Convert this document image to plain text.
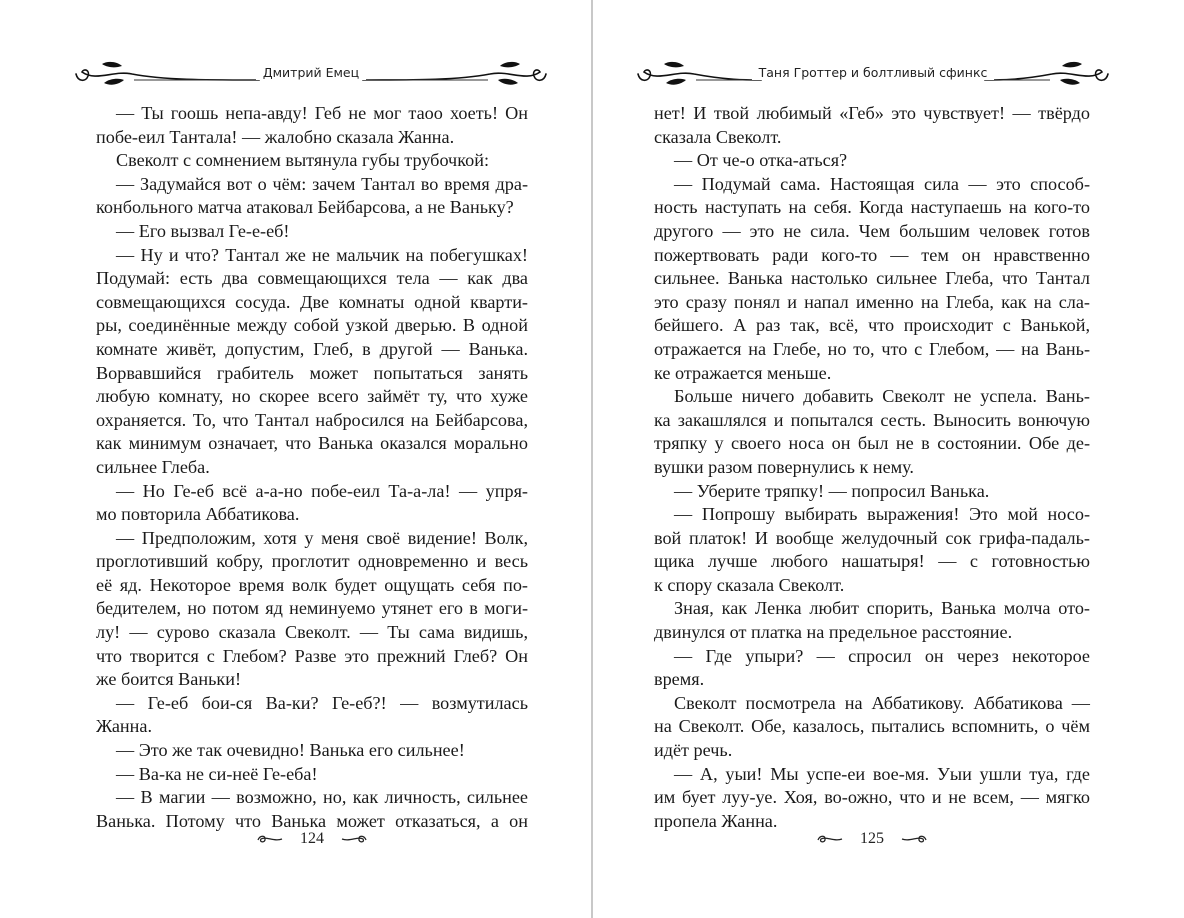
Дмитрий Емец
— Ты гоошь непа-авду! Геб не мог таоо хоеть! Он
побе-еил Тантала! — жалобно сказала Жанна.
Свеколт с сомнением вытянула губы трубочкой:
— Задумайся вот о чём: зачем Тантал во время дра-
конбольного матча атаковал Бейбарсова, а не Ваньку?
— Его вызвал Ге-е-еб!
— Ну и что? Тантал же не мальчик на побегушках!
Подумай: есть два совмещающихся тела — как два
совмещающихся сосуда. Две комнаты одной кварти-
ры, соединённые между собой узкой дверью. В одной
комнате живёт, допустим, Глеб, в другой — Ванька.
Ворвавшийся грабитель может попытаться занять
любую комнату, но скорее всего займёт ту, что хуже
охраняется. То, что Тантал набросился на Бейбарсова,
как минимум означает, что Ванька оказался морально
сильнее Глеба.
— Но Ге-еб всё а-а-но побе-еил Та-а-ла! — упря-
мо повторила Аббатикова.
— Предположим, хотя у меня своё видение! Волк,
проглотивший кобру, проглотит одновременно и весь
её яд. Некоторое время волк будет ощущать себя по-
бедителем, но потом яд неминуемо утянет его в моги-
лу! — сурово сказала Свеколт. — Ты сама видишь,
что творится с Глебом? Разве это прежний Глеб? Он
же боится Ваньки!
— Ге-еб бои-ся Ва-ки? Ге-еб?! — возмутилась
Жанна.
— Это же так очевидно! Ванька его сильнее!
— Ва-ка не си-неё Ге-еба!
— В магии — возможно, но, как личность, сильнее
Ванька. Потому что Ванька может отказаться, а он
124
Таня Гроттер и болтливый сфинкс
нет! И твой любимый «Геб» это чувствует! — твёрдо
сказала Свеколт.
— От че-о отка-аться?
— Подумай сама. Настоящая сила — это способ-
ность наступать на себя. Когда наступаешь на кого-то
другого — это не сила. Чем большим человек готов
пожертвовать ради кого-то — тем он нравственно
сильнее. Ванька настолько сильнее Глеба, что Тантал
это сразу понял и напал именно на Глеба, как на сла-
бейшего. А раз так, всё, что происходит с Ванькой,
отражается на Глебе, но то, что с Глебом, — на Вань-
ке отражается меньше.
Больше ничего добавить Свеколт не успела. Вань-
ка закашлялся и попытался сесть. Выносить вонючую
тряпку у своего носа он был не в состоянии. Обе де-
вушки разом повернулись к нему.
— Уберите тряпку! — попросил Ванька.
— Попрошу выбирать выражения! Это мой носо-
вой платок! И вообще желудочный сок грифа-падаль-
щика лучше любого нашатыря! — с готовностью
к спору сказала Свеколт.
Зная, как Ленка любит спорить, Ванька молча ото-
двинулся от платка на предельное расстояние.
— Где упыри? — спросил он через некоторое
время.
Свеколт посмотрела на Аббатикову. Аббатикова —
на Свеколт. Обе, казалось, пытались вспомнить, о чём
идёт речь.
— А, уыи! Мы успе-еи вое-мя. Уыи ушли туа, где
им бует луу-уе. Хоя, во-ожно, что и не всем, — мягко
пропела Жанна.
125
